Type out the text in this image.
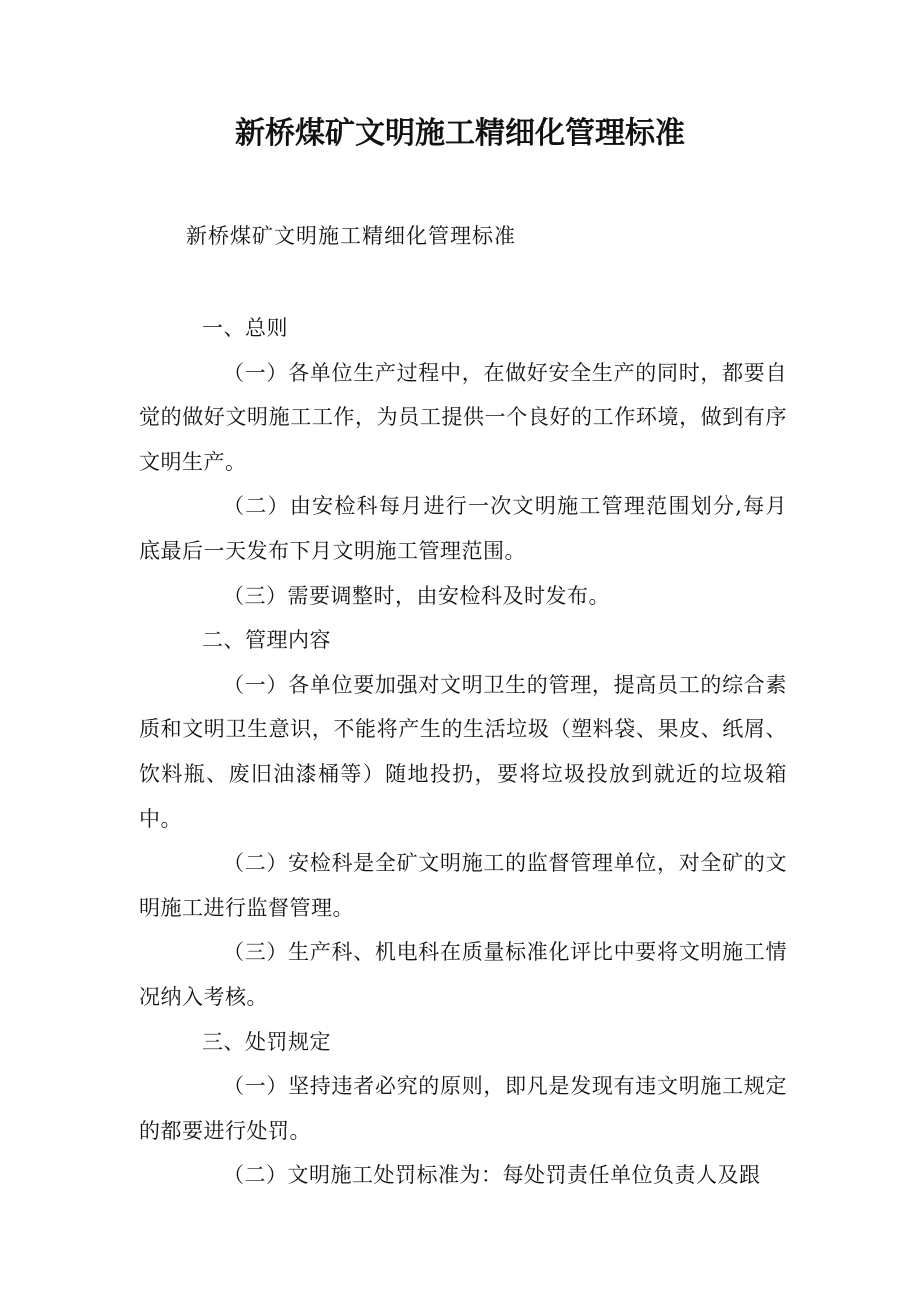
新桥煤矿文明施工精细化管理标准
新桥煤矿文明施工精细化管理标准

一、总则

（一）各单位生产过程中，在做好安全生产的同时，都要自觉的做好文明施工工作，为员工提供一个良好的工作环境，做到有序文明生产。

（二）由安检科每月进行一次文明施工管理范围划分,每月底最后一天发布下月文明施工管理范围。

（三）需要调整时，由安检科及时发布。

二、管理内容

（一）各单位要加强对文明卫生的管理，提高员工的综合素质和文明卫生意识，不能将产生的生活垃圾（塑料袋、果皮、纸屑、饮料瓶、废旧油漆桶等）随地投扔，要将垃圾投放到就近的垃圾箱中。

（二）安检科是全矿文明施工的监督管理单位，对全矿的文明施工进行监督管理。

（三）生产科、机电科在质量标准化评比中要将文明施工情况纳入考核。

三、处罚规定

（一）坚持违者必究的原则，即凡是发现有违文明施工规定的都要进行处罚。

（二）文明施工处罚标准为：每处罚责任单位负责人及跟
